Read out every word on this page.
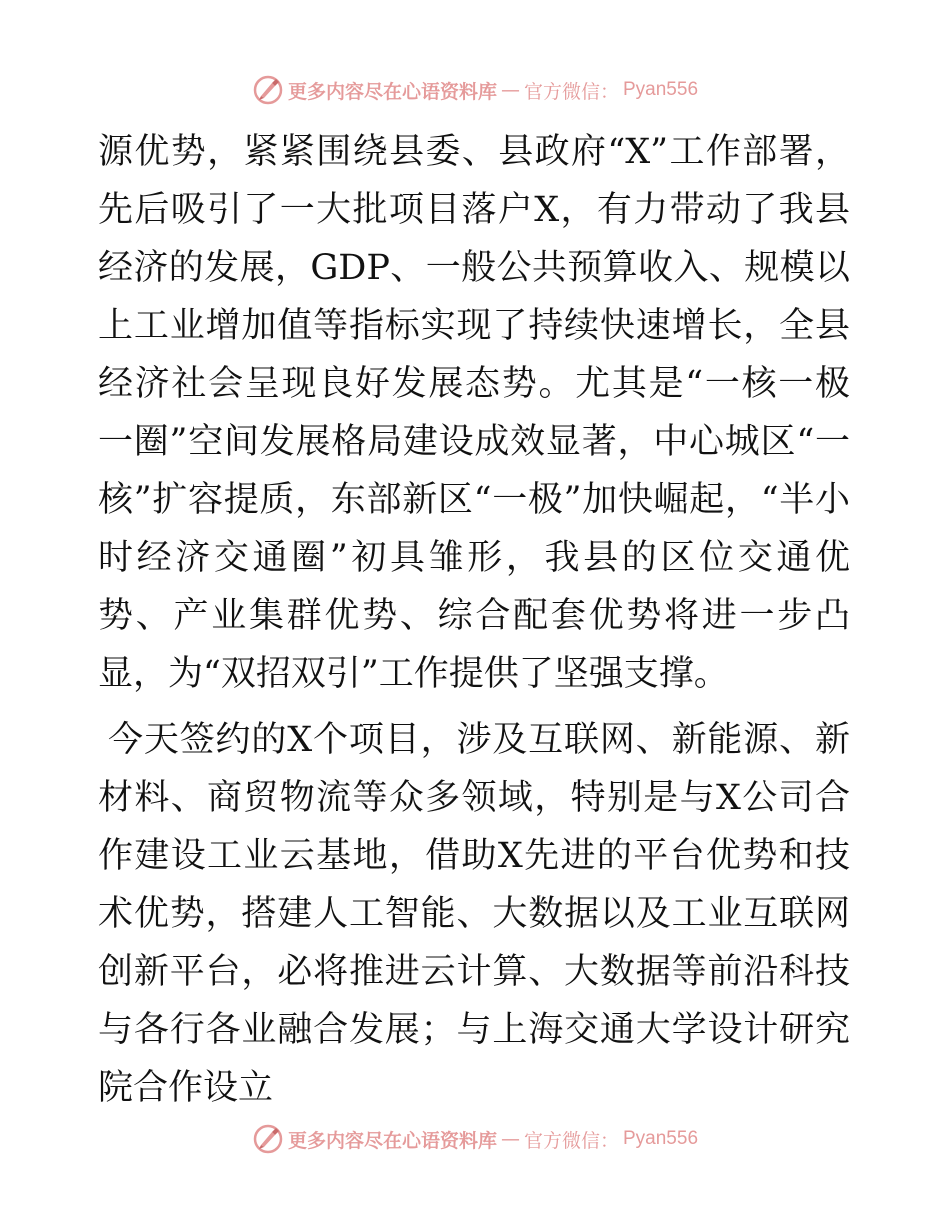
更多内容尽在心语资料库 — 官方微信： Pyan556

源优势，紧紧围绕县委、县政府“X”工作部署，先后吸引了一大批项目落户X，有力带动了我县经济的发展，GDP、一般公共预算收入、规模以上工业增加值等指标实现了持续快速增长，全县经济社会呈现良好发展态势。尤其是“一核一极一圈”空间发展格局建设成效显著，中心城区“一核”扩容提质，东部新区“一极”加快崛起，“半小时经济交通圈”初具雏形，我县的区位交通优势、产业集群优势、综合配套优势将进一步凸显，为“双招双引”工作提供了坚强支撑。

今天签约的X个项目，涉及互联网、新能源、新材料、商贸物流等众多领域，特别是与X公司合作建设工业云基地，借助X先进的平台优势和技术优势，搭建人工智能、大数据以及工业互联网创新平台，必将推进云计算、大数据等前沿科技与各行各业融合发展；与上海交通大学设计研究院合作设立

更多内容尽在心语资料库 — 官方微信： Pyan556
